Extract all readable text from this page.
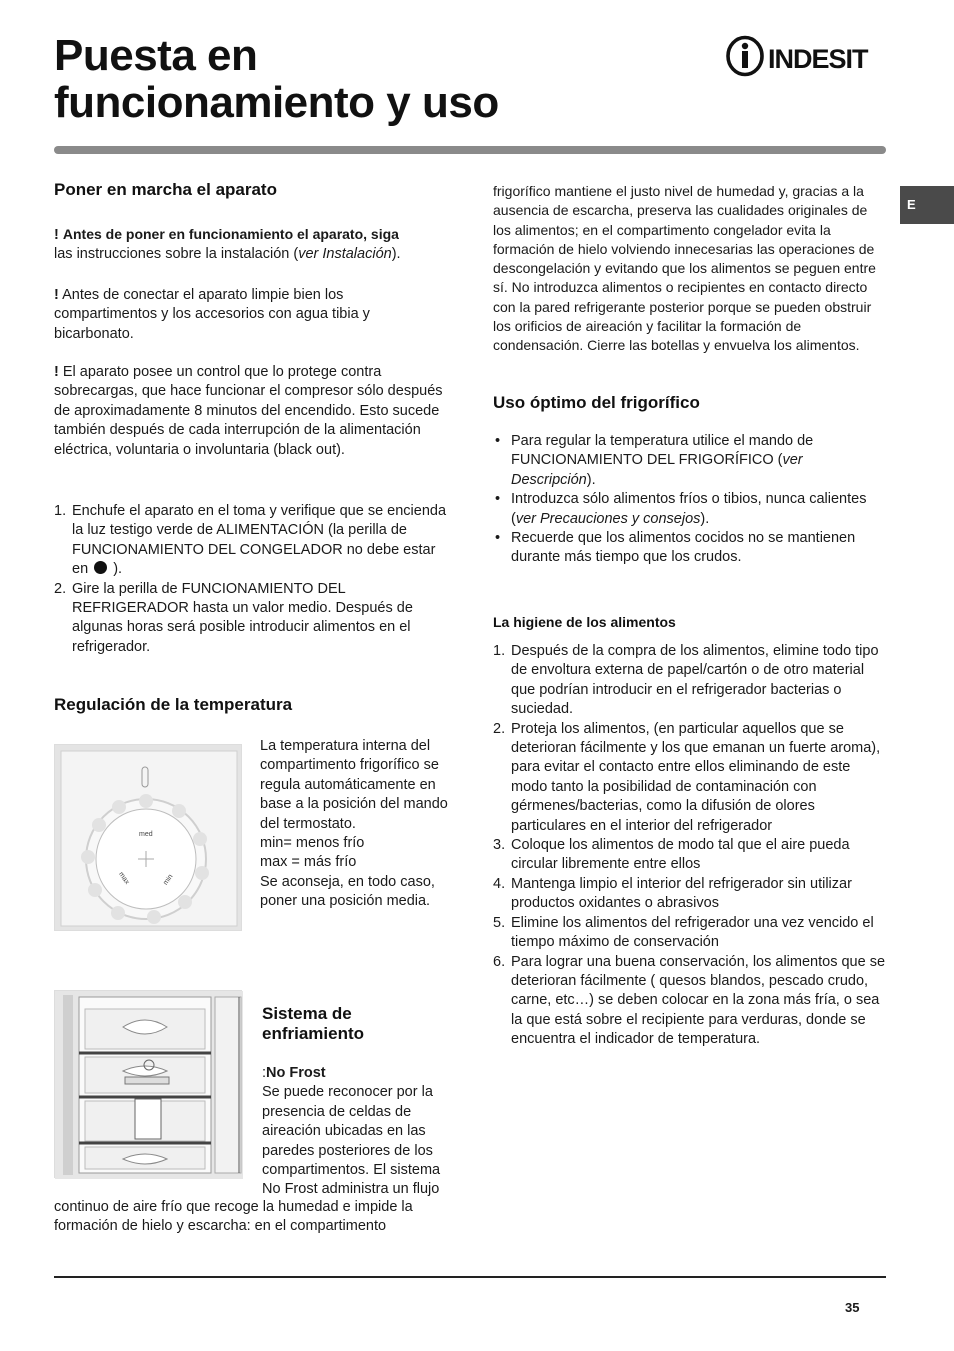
Puesta en
funcionamiento y uso
INDESIT
E
Poner en marcha el aparato
! Antes de poner en funcionamiento el aparato, siga
las instrucciones sobre la instalación (ver Instalación).
! Antes de conectar el aparato limpie bien los compartimentos y los accesorios con agua tibia y bicarbonato.
! El aparato posee un control que lo protege contra sobrecargas, que hace funcionar el compresor sólo después de aproximadamente 8 minutos del encendido. Esto sucede también después de cada interrupción de la alimentación eléctrica, voluntaria o involuntaria (black out).
1. Enchufe el aparato en el toma y verifique que se encienda la luz testigo verde de ALIMENTACIÓN (la perilla de FUNCIONAMIENTO DEL CONGELADOR no debe estar en ).
2. Gire la perilla de FUNCIONAMIENTO DEL REFRIGERADOR hasta un valor medio. Después de algunas horas será posible introducir alimentos en el refrigerador.
Regulación de la temperatura
med
max	min
La temperatura interna del compartimento frigorífico se regula automáticamente en base a la posición del mando del termostato.
min= menos frío
max = más frío
Se aconseja, en todo caso, poner una posición media.
Sistema de
enfriamiento
:No Frost
Se puede reconocer por la presencia de celdas de aireación ubicadas en las paredes posteriores de los compartimentos. El sistema No Frost administra un flujo
continuo de aire frío que recoge la humedad e impide la formación de hielo y escarcha: en el compartimento
frigorífico mantiene el justo nivel de humedad y, gracias a la ausencia de escarcha, preserva las cualidades originales de los alimentos; en el compartimento congelador evita la formación de hielo volviendo innecesarias las operaciones de descongelación y evitando que los alimentos se peguen entre sí. No introduzca alimentos o recipientes en contacto directo con la pared refrigerante posterior porque se pueden obstruir los orificios de aireación y facilitar la formación de condensación. Cierre las botellas y envuelva los alimentos.
Uso óptimo del frigorífico
• Para regular la temperatura utilice el mando de FUNCIONAMIENTO DEL FRIGORÍFICO (ver Descripción).
• Introduzca sólo alimentos fríos o tibios, nunca calientes (ver Precauciones y consejos).
• Recuerde que los alimentos cocidos no se mantienen durante más tiempo que los crudos.
La higiene de los alimentos
1. Después de la compra de los alimentos, elimine todo tipo de envoltura externa de papel/cartón o de otro material que podrían introducir en el refrigerador bacterias o suciedad.
2. Proteja los alimentos, (en particular aquellos que se deterioran fácilmente y los que emanan un fuerte aroma), para evitar el contacto entre ellos eliminando de este modo tanto la posibilidad de contaminación con gérmenes/bacterias, como la difusión de olores particulares en el interior del refrigerador
3. Coloque los alimentos de modo tal que el aire pueda circular libremente entre ellos
4. Mantenga limpio el interior del refrigerador sin utilizar productos oxidantes o abrasivos
5. Elimine los alimentos del refrigerador una vez vencido el tiempo máximo de conservación
6. Para lograr una buena conservación, los alimentos que se deterioran fácilmente ( quesos blandos, pescado crudo, carne, etc…) se deben colocar en la zona más fría, o sea la que está sobre el recipiente para verduras, donde se encuentra el indicador de temperatura.
35
